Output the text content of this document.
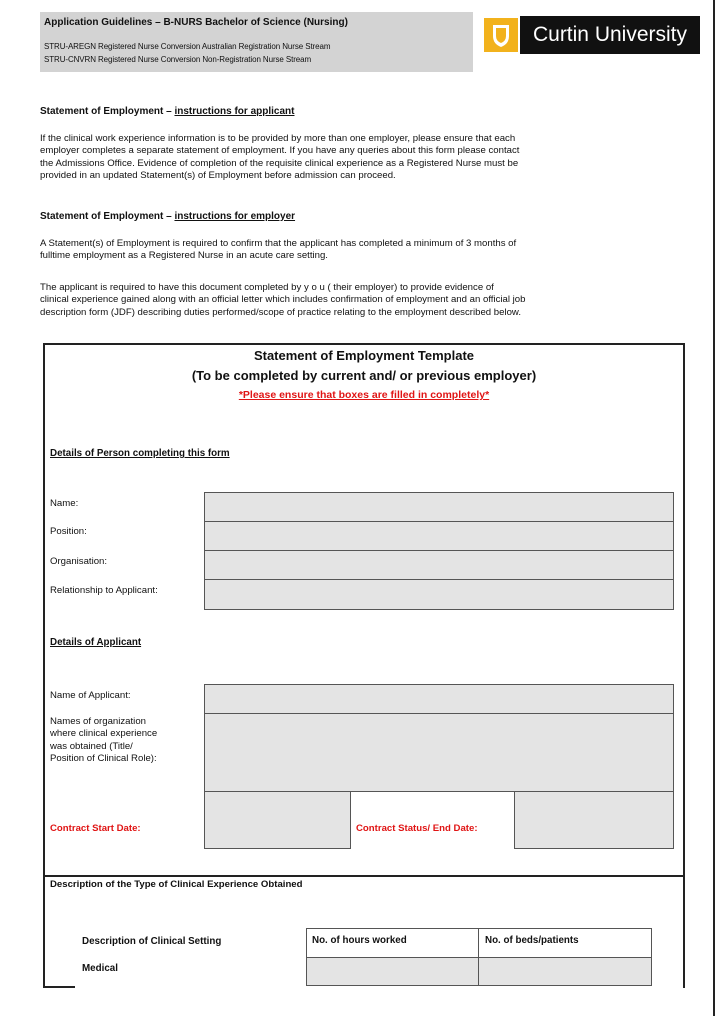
Application Guidelines – B-NURS Bachelor of Science (Nursing)
STRU-AREGN Registered Nurse Conversion Australian Registration Nurse Stream
STRU-CNVRN Registered Nurse Conversion Non-Registration Nurse Stream
Curtin University
Statement of Employment – instructions for applicant
If the clinical work experience information is to be provided by more than one employer, please ensure that each
employer completes a separate statement of employment. If you have any queries about this form please contact
the Admissions Office. Evidence of completion of the requisite clinical experience as a Registered Nurse must be
provided in an updated Statement(s) of Employment before admission can proceed.
Statement of Employment – instructions for employer
A Statement(s) of Employment is required to confirm that the applicant has completed a minimum of 3 months of
fulltime employment as a Registered Nurse in an acute care setting.
The applicant is required to have this document completed by y o u ( their employer) to provide evidence of
clinical experience gained along with an official letter which includes confirmation of employment and an official job
description form (JDF) describing duties performed/scope of practice relating to the employment described below.
Statement of Employment Template
(To be completed by current and/ or previous employer)
*Please ensure that boxes are filled in completely*
Details of Person completing this form
Name:
Position:
Organisation:
Relationship to Applicant:
Details of Applicant
Name of Applicant:
Names of organization
where clinical experience
was obtained (Title/
Position of Clinical Role):
Contract Start Date:	Contract Status/ End Date:
Description of the Type of Clinical Experience Obtained
Description of Clinical Setting	No. of hours worked	No. of beds/patients
Medical
